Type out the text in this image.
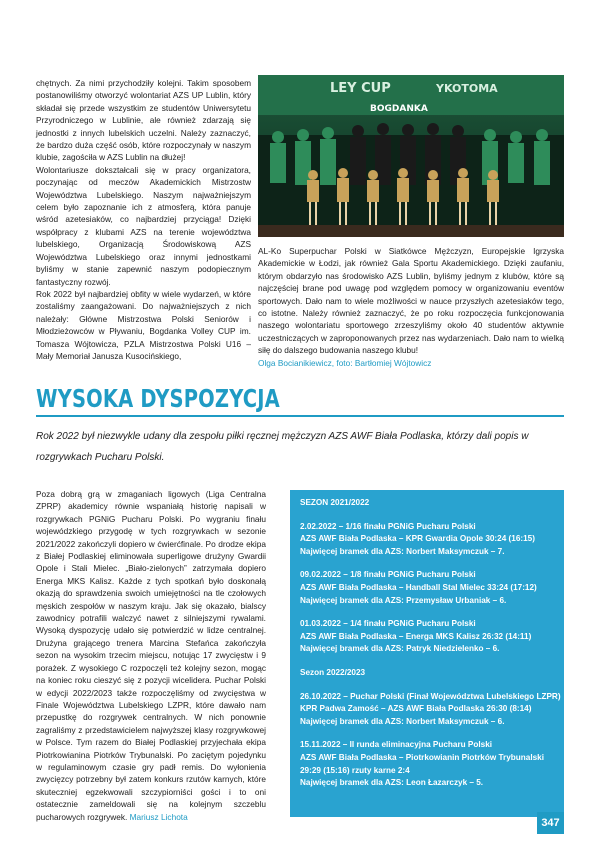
chętnych. Za nimi przychodziły kolejni. Takim sposobem postanowiliśmy otworzyć wolontariat AZS UP Lublin, który składał się przede wszystkim ze studentów Uniwersytetu Przyrodniczego w Lublinie, ale również zdarzają się jednostki z innych lubelskich uczelni. Należy zaznaczyć, że bardzo duża część osób, które rozpoczynały w naszym klubie, zagościła w AZS Lublin na dłużej!

Wolontariusze dokształcali się w pracy organizatora, poczynając od meczów Akademickich Mistrzostw Województwa Lubelskiego. Naszym najważniejszym celem było zapoznanie ich z atmosferą, która panuje wśród azetesiaków, co najbardziej przyciąga! Dzięki współpracy z klubami AZS na terenie województwa lubelskiego, Organizacją Środowiskową AZS Województwa Lubelskiego oraz innymi jednostkami byliśmy w stanie zapewnić naszym podopiecznym fantastyczny rozwój.

Rok 2022 był najbardziej obfity w wiele wydarzeń, w które zostaliśmy zaangażowani. Do najważniejszych z nich należały: Główne Mistrzostwa Polski Seniorów i Młodzieżowców w Pływaniu, Bogdanka Volley CUP im. Tomasza Wójtowicza, PZLA Mistrzostwa Polski U16 – Mały Memoriał Janusza Kusocińskiego,

LEY CUP	YKOTOMA
BOGDANKA

AL-Ko Superpuchar Polski w Siatkówce Mężczyzn, Europejskie Igrzyska Akademickie w Łodzi, jak również Gala Sportu Akademickiego. Dzięki zaufaniu, którym obdarzyło nas środowisko AZS Lublin, byliśmy jednym z klubów, które są najczęściej brane pod uwagę pod względem pomocy w organizowaniu eventów sportowych. Dało nam to wiele możliwości w nauce przyszłych azetesiaków tego, co istotne. Należy również zaznaczyć, że po roku rozpoczęcia funkcjonowania naszego wolontariatu sportowego zrzeszyliśmy około 40 studentów aktywnie uczestniczących w zaproponowanych przez nas wydarzeniach. Dało nam to wielką siłę do dalszego budowania naszego klubu!

Olga Bocianikiewicz, foto: Bartłomiej Wójtowicz

WYSOKA DYSPOZYCJA
Rok 2022 był niezwykle udany dla zespołu piłki ręcznej mężczyzn AZS AWF Biała Podlaska, którzy dali popis w rozgrywkach Pucharu Polski.

Poza dobrą grą w zmaganiach ligowych (Liga Centralna ZPRP) akademicy równie wspaniałą historię napisali w rozgrywkach PGNiG Pucharu Polski. Po wygraniu finału wojewódzkiego przygodę w tych rozgrywkach w sezonie 2021/2022 zakończyli dopiero w ćwierćfinale. Po drodze ekipa z Białej Podlaskiej eliminowała superligowe drużyny Gwardii Opole i Stali Mielec. „Biało-zielonych” zatrzymała dopiero Energa MKS Kalisz. Każde z tych spotkań było doskonałą okazją do sprawdzenia swoich umiejętności na tle czołowych męskich zespołów w naszym kraju. Jak się okazało, bialscy zawodnicy potrafili walczyć nawet z silniejszymi rywalami. Wysoką dyspozycję udało się potwierdzić w lidze centralnej. Drużyna grającego trenera Marcina Stefańca zakończyła sezon na wysokim trzecim miejscu, notując 17 zwycięstw i 9 porażek. Z wysokiego C rozpoczęli też kolejny sezon, mogąc na koniec roku cieszyć się z pozycji wicelidera. Puchar Polski w edycji 2022/2023 także rozpoczęliśmy od zwycięstwa w Finale Województwa Lubelskiego LZPR, które dawało nam przepustkę do rozgrywek centralnych. W nich ponownie zagraliśmy z przedstawicielem najwyższej klasy rozgrywkowej w Polsce. Tym razem do Białej Podlaskiej przyjechała ekipa Piotrkowianina Piotrków Trybunalski. Po zaciętym pojedynku w regulaminowym czasie gry padł remis. Do wyłonienia zwycięzcy potrzebny był zatem konkurs rzutów karnych, które skuteczniej egzekwowali szczypiorniści gości i to oni ostatecznie zameldowali się na kolejnym szczeblu pucharowych rozgrywek. Mariusz Lichota

SEZON 2021/2022
2.02.2022 – 1/16 finału PGNiG Pucharu Polski
AZS AWF Biała Podlaska – KPR Gwardia Opole 30:24 (16:15)
Najwięcej bramek dla AZS: Norbert Maksymczuk – 7.
09.02.2022 – 1/8 finału PGNiG Pucharu Polski
AZS AWF Biała Podlaska – Handball Stal Mielec 33:24 (17:12)
Najwięcej bramek dla AZS: Przemysław Urbaniak – 6.
01.03.2022 – 1/4 finału PGNiG Pucharu Polski
AZS AWF Biała Podlaska – Energa MKS Kalisz 26:32 (14:11)
Najwięcej bramek dla AZS: Patryk Niedzielenko – 6.
Sezon 2022/2023
26.10.2022 – Puchar Polski (Finał Województwa Lubelskiego LZPR)
KPR Padwa Zamość – AZS AWF Biała Podlaska 26:30 (8:14)
Najwięcej bramek dla AZS: Norbert Maksymczuk – 6.
15.11.2022 – II runda eliminacyjna Pucharu Polski
AZS AWF Biała Podlaska – Piotrkowianin Piotrków Trybunalski
29:29 (15:16) rzuty karne 2:4
Najwięcej bramek dla AZS: Leon Łazarczyk – 5.
347
